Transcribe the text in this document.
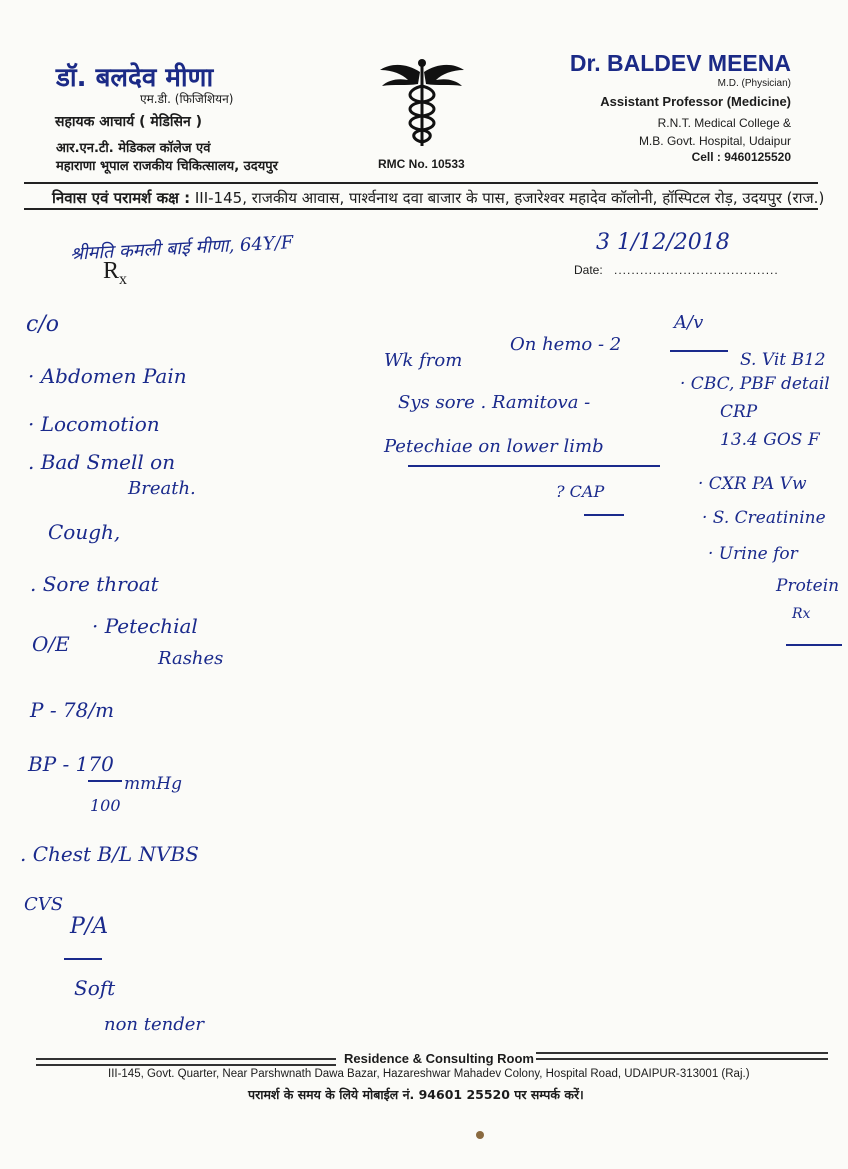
डॉ. बलदेव मीणा
एम.डी. (फिजिशियन)
सहायक आचार्य ( मेडिसिन )
आर.एन.टी. मेडिकल कॉलेज एवं
महाराणा भूपाल राजकीय चिकित्सालय, उदयपुर	RMC No. 10533
Dr. BALDEV MEENA
M.D. (Physician)
Assistant Professor (Medicine)
R.N.T. Medical College &
M.B. Govt. Hospital, Udaipur
Cell : 9460125520
निवास एवं परामर्श कक्ष : III-145, राजकीय आवास, पार्श्वनाथ दवा बाजार के पास, हजारेश्वर महादेव कॉलोनी, हॉस्पिटल रोड़, उदयपुर (राज.)
$R_x$
Date: ......................................
श्रीमति कमली बाई मीणा, 64Y/F	3 1/12/2018
c/o
· Abdomen Pain
· Locomotion
. Bad Smell on
Breath.
Cough,
. Sore throat
O/E
· Petechial
Rashes
P - 78/m
BP - 170
100
mmHg
. Chest B/L NVBS
CVS
P/A
Soft
non tender
On hemo - 2
Wk from
Sys sore . Ramitova -
Petechiae on lower limb
? CAP
A/v
S. Vit B12
· CBC, PBF detail
CRP
13.4 GOS F
· CXR PA Vw
· S. Creatinine
· Urine for
Protein
Rx
Residence & Consulting Room
III-145, Govt. Quarter, Near Parshwnath Dawa Bazar, Hazareshwar Mahadev Colony, Hospital Road, UDAIPUR-313001 (Raj.)
परामर्श के समय के लिये मोबाईल नं. 94601 25520 पर सम्पर्क करें।
